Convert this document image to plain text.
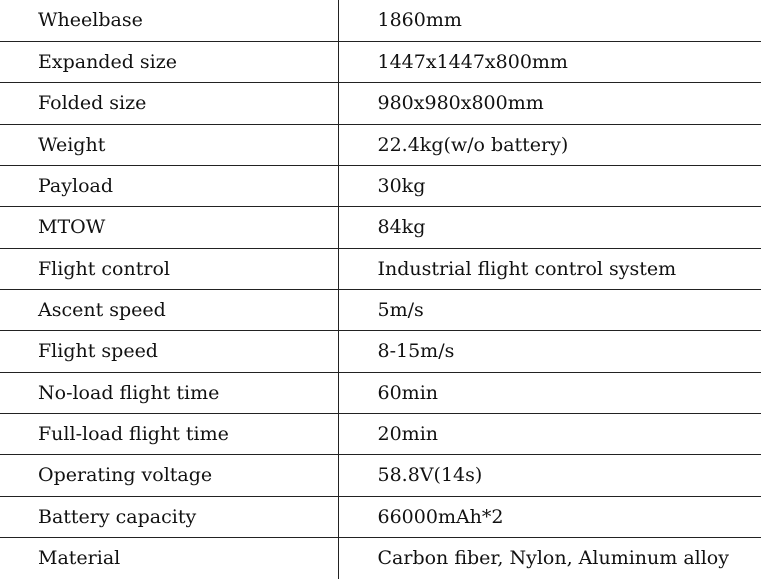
Wheelbase	1860mm
Expanded size	1447x1447x800mm
Folded size	980x980x800mm
Weight	22.4kg(w/o battery)
Payload	30kg
MTOW	84kg
Flight control	Industrial flight control system
Ascent speed	5m/s
Flight speed	8-15m/s
No-load flight time	60min
Full-load flight time	20min
Operating voltage	58.8V(14s)
Battery capacity	66000mAh*2
Material	Carbon fiber, Nylon, Aluminum alloy
